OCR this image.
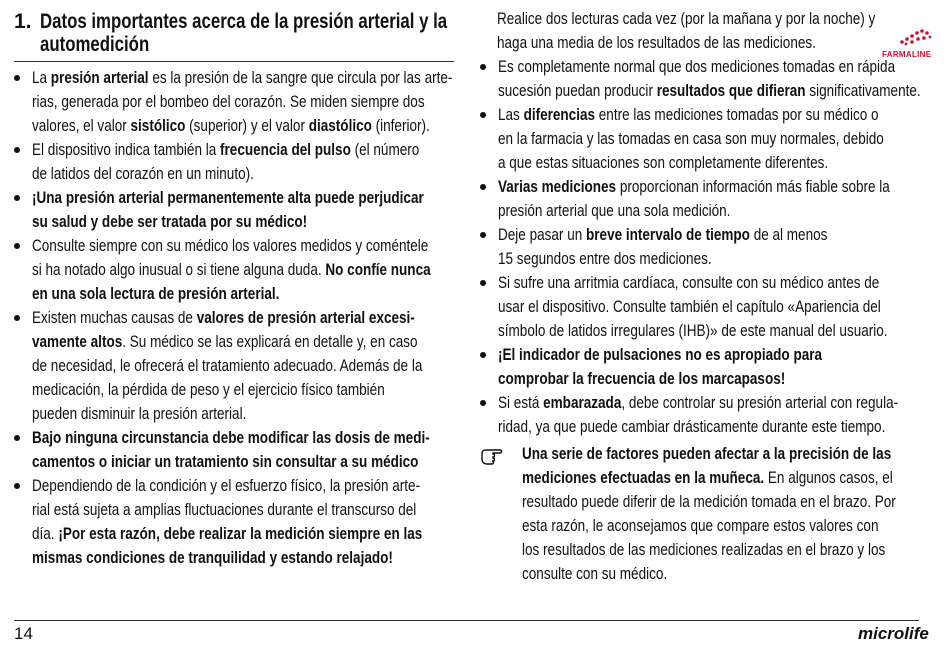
1. Datos importantes acerca de la presión arterial y la
automedición
La presión arterial es la presión de la sangre que circula por las arte-
rias, generada por el bombeo del corazón. Se miden siempre dos
valores, el valor sistólico (superior) y el valor diastólico (inferior).
El dispositivo indica también la frecuencia del pulso (el número
de latidos del corazón en un minuto).
¡Una presión arterial permanentemente alta puede perjudicar
su salud y debe ser tratada por su médico!
Consulte siempre con su médico los valores medidos y coméntele
si ha notado algo inusual o si tiene alguna duda. No confíe nunca
en una sola lectura de presión arterial.
Existen muchas causas de valores de presión arterial excesi-
vamente altos. Su médico se las explicará en detalle y, en caso
de necesidad, le ofrecerá el tratamiento adecuado. Además de la
medicación, la pérdida de peso y el ejercicio físico también
pueden disminuir la presión arterial.
Bajo ninguna circunstancia debe modificar las dosis de medi-
camentos o iniciar un tratamiento sin consultar a su médico
Dependiendo de la condición y el esfuerzo físico, la presión arte-
rial está sujeta a amplias fluctuaciones durante el transcurso del
día. ¡Por esta razón, debe realizar la medición siempre en las
mismas condiciones de tranquilidad y estando relajado!
Realice dos lecturas cada vez (por la mañana y por la noche) y
haga una media de los resultados de las mediciones.
Es completamente normal que dos mediciones tomadas en rápida
sucesión puedan producir resultados que difieran significativamente.
Las diferencias entre las mediciones tomadas por su médico o
en la farmacia y las tomadas en casa son muy normales, debido
a que estas situaciones son completamente diferentes.
Varias mediciones proporcionan información más fiable sobre la
presión arterial que una sola medición.
Deje pasar un breve intervalo de tiempo de al menos
15 segundos entre dos mediciones.
Si sufre una arritmia cardíaca, consulte con su médico antes de
usar el dispositivo. Consulte también el capítulo «Apariencia del
símbolo de latidos irregulares (IHB)» de este manual del usuario.
¡El indicador de pulsaciones no es apropiado para
comprobar la frecuencia de los marcapasos!
Si está embarazada, debe controlar su presión arterial con regula-
ridad, ya que puede cambiar drásticamente durante este tiempo.
Una serie de factores pueden afectar a la precisión de las
mediciones efectuadas en la muñeca. En algunos casos, el
resultado puede diferir de la medición tomada en el brazo. Por
esta razón, le aconsejamos que compare estos valores con
los resultados de las mediciones realizadas en el brazo y los
consulte con su médico.
FARMALINE
14	microlife
